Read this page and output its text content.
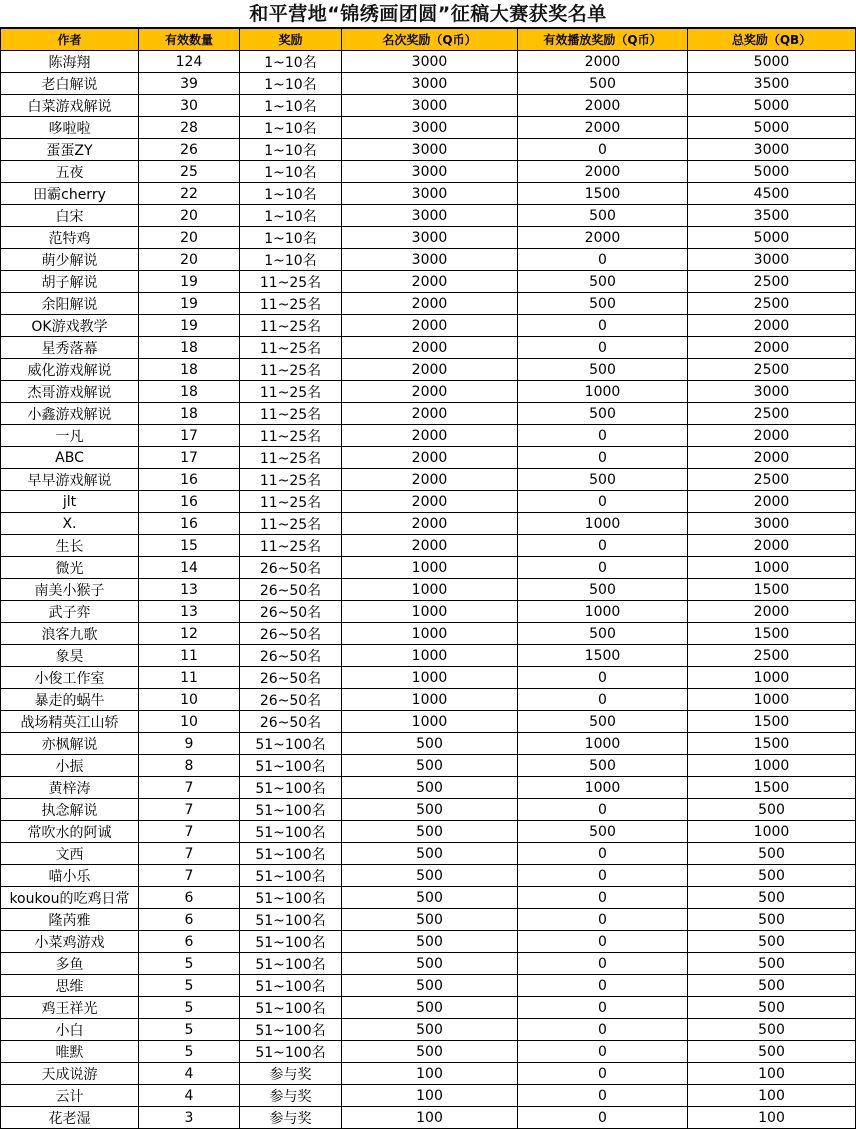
和平营地“锦绣画团圆”征稿大赛获奖名单
作者	有效数量	奖励	名次奖励（Q币）	有效播放奖励（Q币）	总奖励（QB）
陈海翔	124	1~10名	3000	2000	5000
老白解说	39	1~10名	3000	500	3500
白菜游戏解说	30	1~10名	3000	2000	5000
哆啦啦	28	1~10名	3000	2000	5000
蛋蛋ZY	26	1~10名	3000	0	3000
五夜	25	1~10名	3000	2000	5000
田霸cherry	22	1~10名	3000	1500	4500
白宋	20	1~10名	3000	500	3500
范特鸡	20	1~10名	3000	2000	5000
萌少解说	20	1~10名	3000	0	3000
胡子解说	19	11~25名	2000	500	2500
余阳解说	19	11~25名	2000	500	2500
OK游戏教学	19	11~25名	2000	0	2000
星秀落幕	18	11~25名	2000	0	2000
威化游戏解说	18	11~25名	2000	500	2500
杰哥游戏解说	18	11~25名	2000	1000	3000
小鑫游戏解说	18	11~25名	2000	500	2500
一凡	17	11~25名	2000	0	2000
ABC	17	11~25名	2000	0	2000
早早游戏解说	16	11~25名	2000	500	2500
jlt	16	11~25名	2000	0	2000
X.	16	11~25名	2000	1000	3000
生长	15	11~25名	2000	0	2000
微光	14	26~50名	1000	0	1000
南美小猴子	13	26~50名	1000	500	1500
武子弈	13	26~50名	1000	1000	2000
浪客九歌	12	26~50名	1000	500	1500
象昊	11	26~50名	1000	1500	2500
小俊工作室	11	26~50名	1000	0	1000
暴走的蜗牛	10	26~50名	1000	0	1000
战场精英江山轿	10	26~50名	1000	500	1500
亦枫解说	9	51~100名	500	1000	1500
小振	8	51~100名	500	500	1000
黄梓涛	7	51~100名	500	1000	1500
执念解说	7	51~100名	500	0	500
常吹水的阿诚	7	51~100名	500	500	1000
文西	7	51~100名	500	0	500
喵小乐	7	51~100名	500	0	500
koukou的吃鸡日常	6	51~100名	500	0	500
隆芮雅	6	51~100名	500	0	500
小菜鸡游戏	6	51~100名	500	0	500
多鱼	5	51~100名	500	0	500
思维	5	51~100名	500	0	500
鸡王祥光	5	51~100名	500	0	500
小白	5	51~100名	500	0	500
唯默	5	51~100名	500	0	500
天成说游	4	参与奖	100	0	100
云计	4	参与奖	100	0	100
花老湿	3	参与奖	100	0	100
